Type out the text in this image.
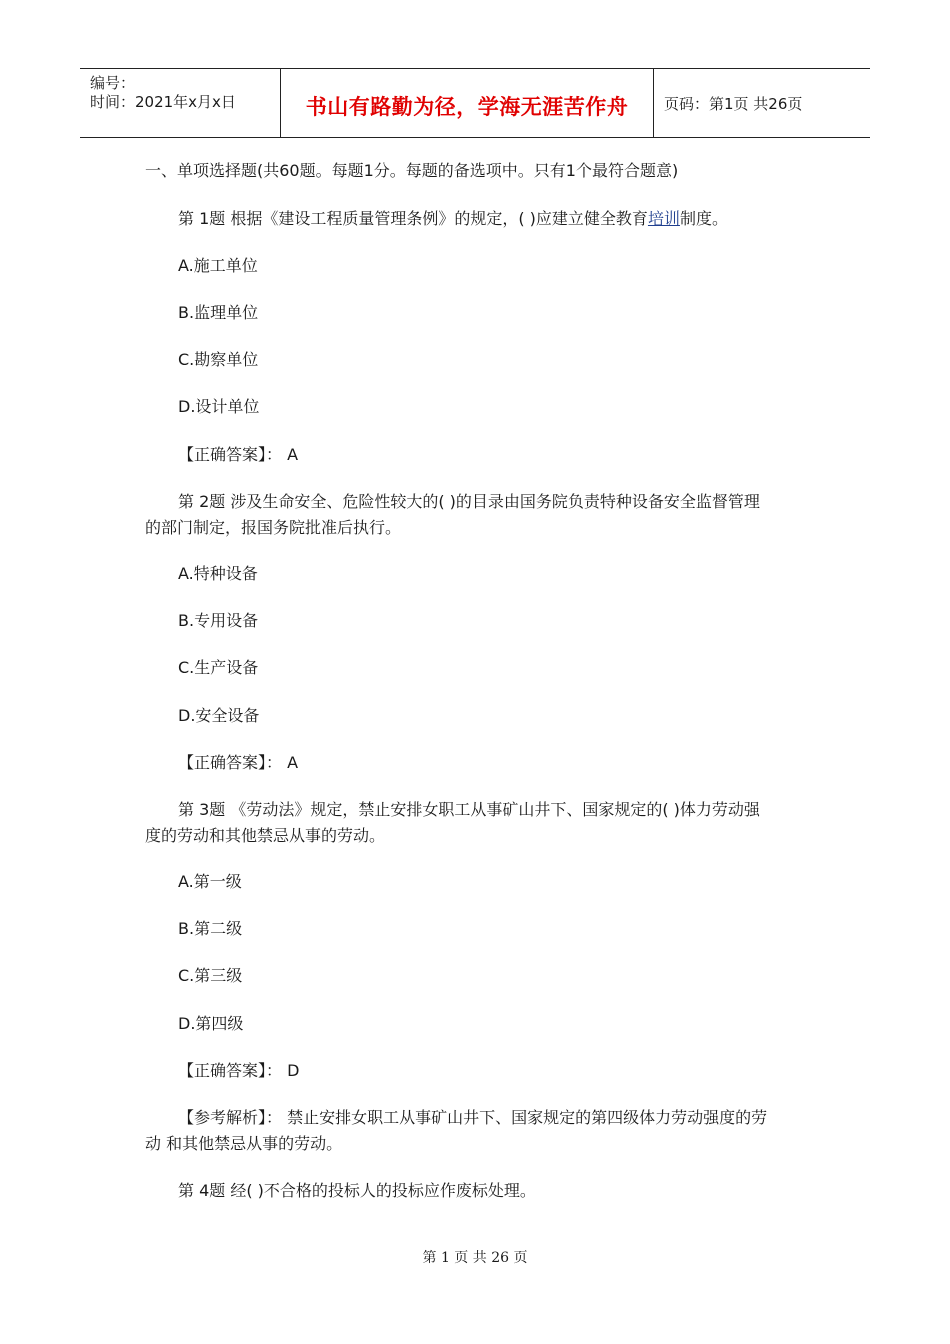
编号：
时间：2021年x月x日	书山有路勤为径，学海无涯苦作舟	页码：第1页 共26页
一、单项选择题(共60题。每题1分。每题的备选项中。只有1个最符合题意)
第 1题 根据《建设工程质量管理条例》的规定，( )应建立健全教育培训制度。
A.施工单位
B.监理单位
C.勘察单位
D.设计单位
【正确答案】： A
第 2题 涉及生命安全、危险性较大的( )的目录由国务院负责特种设备安全监督管理
的部门制定，报国务院批准后执行。
A.特种设备
B.专用设备
C.生产设备
D.安全设备
【正确答案】： A
第 3题 《劳动法》规定，禁止安排女职工从事矿山井下、国家规定的( )体力劳动强
度的劳动和其他禁忌从事的劳动。
A.第一级
B.第二级
C.第三级
D.第四级
【正确答案】： D
【参考解析】： 禁止安排女职工从事矿山井下、国家规定的第四级体力劳动强度的劳
动 和其他禁忌从事的劳动。
第 4题 经( )不合格的投标人的投标应作废标处理。
第 1 页 共 26 页
